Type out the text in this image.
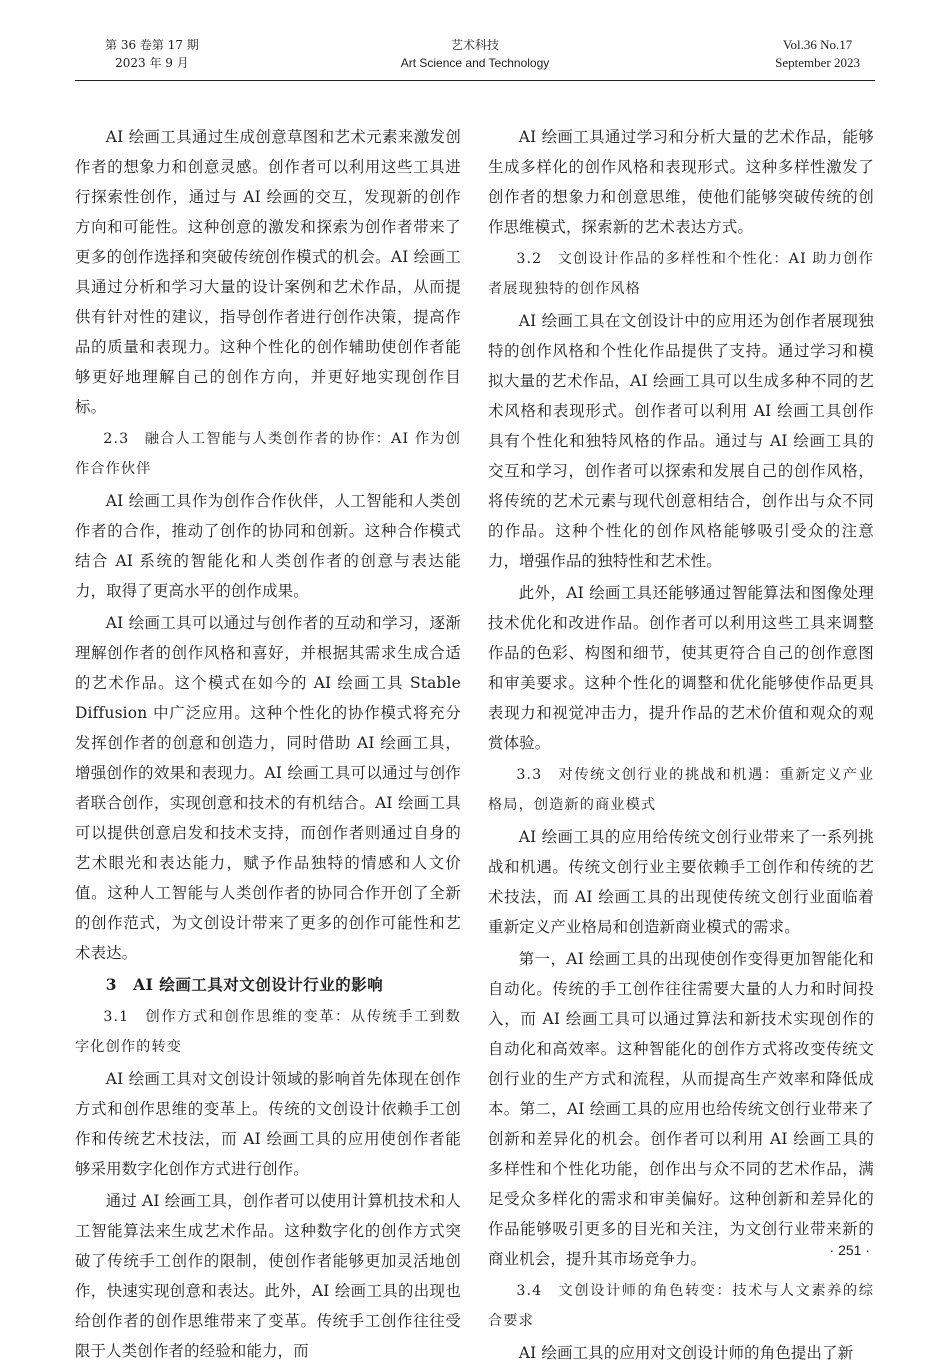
第 36 卷第 17 期
2023 年 9 月
艺术科技
Art Science and Technology
Vol.36 No.17
September 2023

AI 绘画工具通过生成创意草图和艺术元素来激发创作者的想象力和创意灵感。创作者可以利用这些工具进行探索性创作，通过与 AI 绘画的交互，发现新的创作方向和可能性。这种创意的激发和探索为创作者带来了更多的创作选择和突破传统创作模式的机会。AI 绘画工具通过分析和学习大量的设计案例和艺术作品，从而提供有针对性的建议，指导创作者进行创作决策，提高作品的质量和表现力。这种个性化的创作辅助使创作者能够更好地理解自己的创作方向，并更好地实现创作目标。

2.3　融合人工智能与人类创作者的协作：AI 作为创作合作伙伴

AI 绘画工具作为创作合作伙伴，人工智能和人类创作者的合作，推动了创作的协同和创新。这种合作模式结合 AI 系统的智能化和人类创作者的创意与表达能力，取得了更高水平的创作成果。

AI 绘画工具可以通过与创作者的互动和学习，逐渐理解创作者的创作风格和喜好，并根据其需求生成合适的艺术作品。这个模式在如今的 AI 绘画工具 Stable Diffusion 中广泛应用。这种个性化的协作模式将充分发挥创作者的创意和创造力，同时借助 AI 绘画工具，增强创作的效果和表现力。AI 绘画工具可以通过与创作者联合创作，实现创意和技术的有机结合。AI 绘画工具可以提供创意启发和技术支持，而创作者则通过自身的艺术眼光和表达能力，赋予作品独特的情感和人文价值。这种人工智能与人类创作者的协同合作开创了全新的创作范式，为文创设计带来了更多的创作可能性和艺术表达。

3　AI 绘画工具对文创设计行业的影响

3.1　创作方式和创作思维的变革：从传统手工到数字化创作的转变

AI 绘画工具对文创设计领域的影响首先体现在创作方式和创作思维的变革上。传统的文创设计依赖手工创作和传统艺术技法，而 AI 绘画工具的应用使创作者能够采用数字化创作方式进行创作。

通过 AI 绘画工具，创作者可以使用计算机技术和人工智能算法来生成艺术作品。这种数字化的创作方式突破了传统手工创作的限制，使创作者能够更加灵活地创作，快速实现创意和表达。此外，AI 绘画工具的出现也给创作者的创作思维带来了变革。传统手工创作往往受限于人类创作者的经验和能力，而

AI 绘画工具通过学习和分析大量的艺术作品，能够生成多样化的创作风格和表现形式。这种多样性激发了创作者的想象力和创意思维，使他们能够突破传统的创作思维模式，探索新的艺术表达方式。

3.2　文创设计作品的多样性和个性化：AI 助力创作者展现独特的创作风格

AI 绘画工具在文创设计中的应用还为创作者展现独特的创作风格和个性化作品提供了支持。通过学习和模拟大量的艺术作品，AI 绘画工具可以生成多种不同的艺术风格和表现形式。创作者可以利用 AI 绘画工具创作具有个性化和独特风格的作品。通过与 AI 绘画工具的交互和学习，创作者可以探索和发展自己的创作风格，将传统的艺术元素与现代创意相结合，创作出与众不同的作品。这种个性化的创作风格能够吸引受众的注意力，增强作品的独特性和艺术性。

此外，AI 绘画工具还能够通过智能算法和图像处理技术优化和改进作品。创作者可以利用这些工具来调整作品的色彩、构图和细节，使其更符合自己的创作意图和审美要求。这种个性化的调整和优化能够使作品更具表现力和视觉冲击力，提升作品的艺术价值和观众的观赏体验。

3.3　对传统文创行业的挑战和机遇：重新定义产业格局，创造新的商业模式

AI 绘画工具的应用给传统文创行业带来了一系列挑战和机遇。传统文创行业主要依赖手工创作和传统的艺术技法，而 AI 绘画工具的出现使传统文创行业面临着重新定义产业格局和创造新商业模式的需求。

第一，AI 绘画工具的出现使创作变得更加智能化和自动化。传统的手工创作往往需要大量的人力和时间投入，而 AI 绘画工具可以通过算法和新技术实现创作的自动化和高效率。这种智能化的创作方式将改变传统文创行业的生产方式和流程，从而提高生产效率和降低成本。第二，AI 绘画工具的应用也给传统文创行业带来了创新和差异化的机会。创作者可以利用 AI 绘画工具的多样性和个性化功能，创作出与众不同的艺术作品，满足受众多样化的需求和审美偏好。这种创新和差异化的作品能够吸引更多的目光和关注，为文创行业带来新的商业机会，提升其市场竞争力。

3.4　文创设计师的角色转变：技术与人文素养的综合要求

AI 绘画工具的应用对文创设计师的角色提出了新

· 251 ·
